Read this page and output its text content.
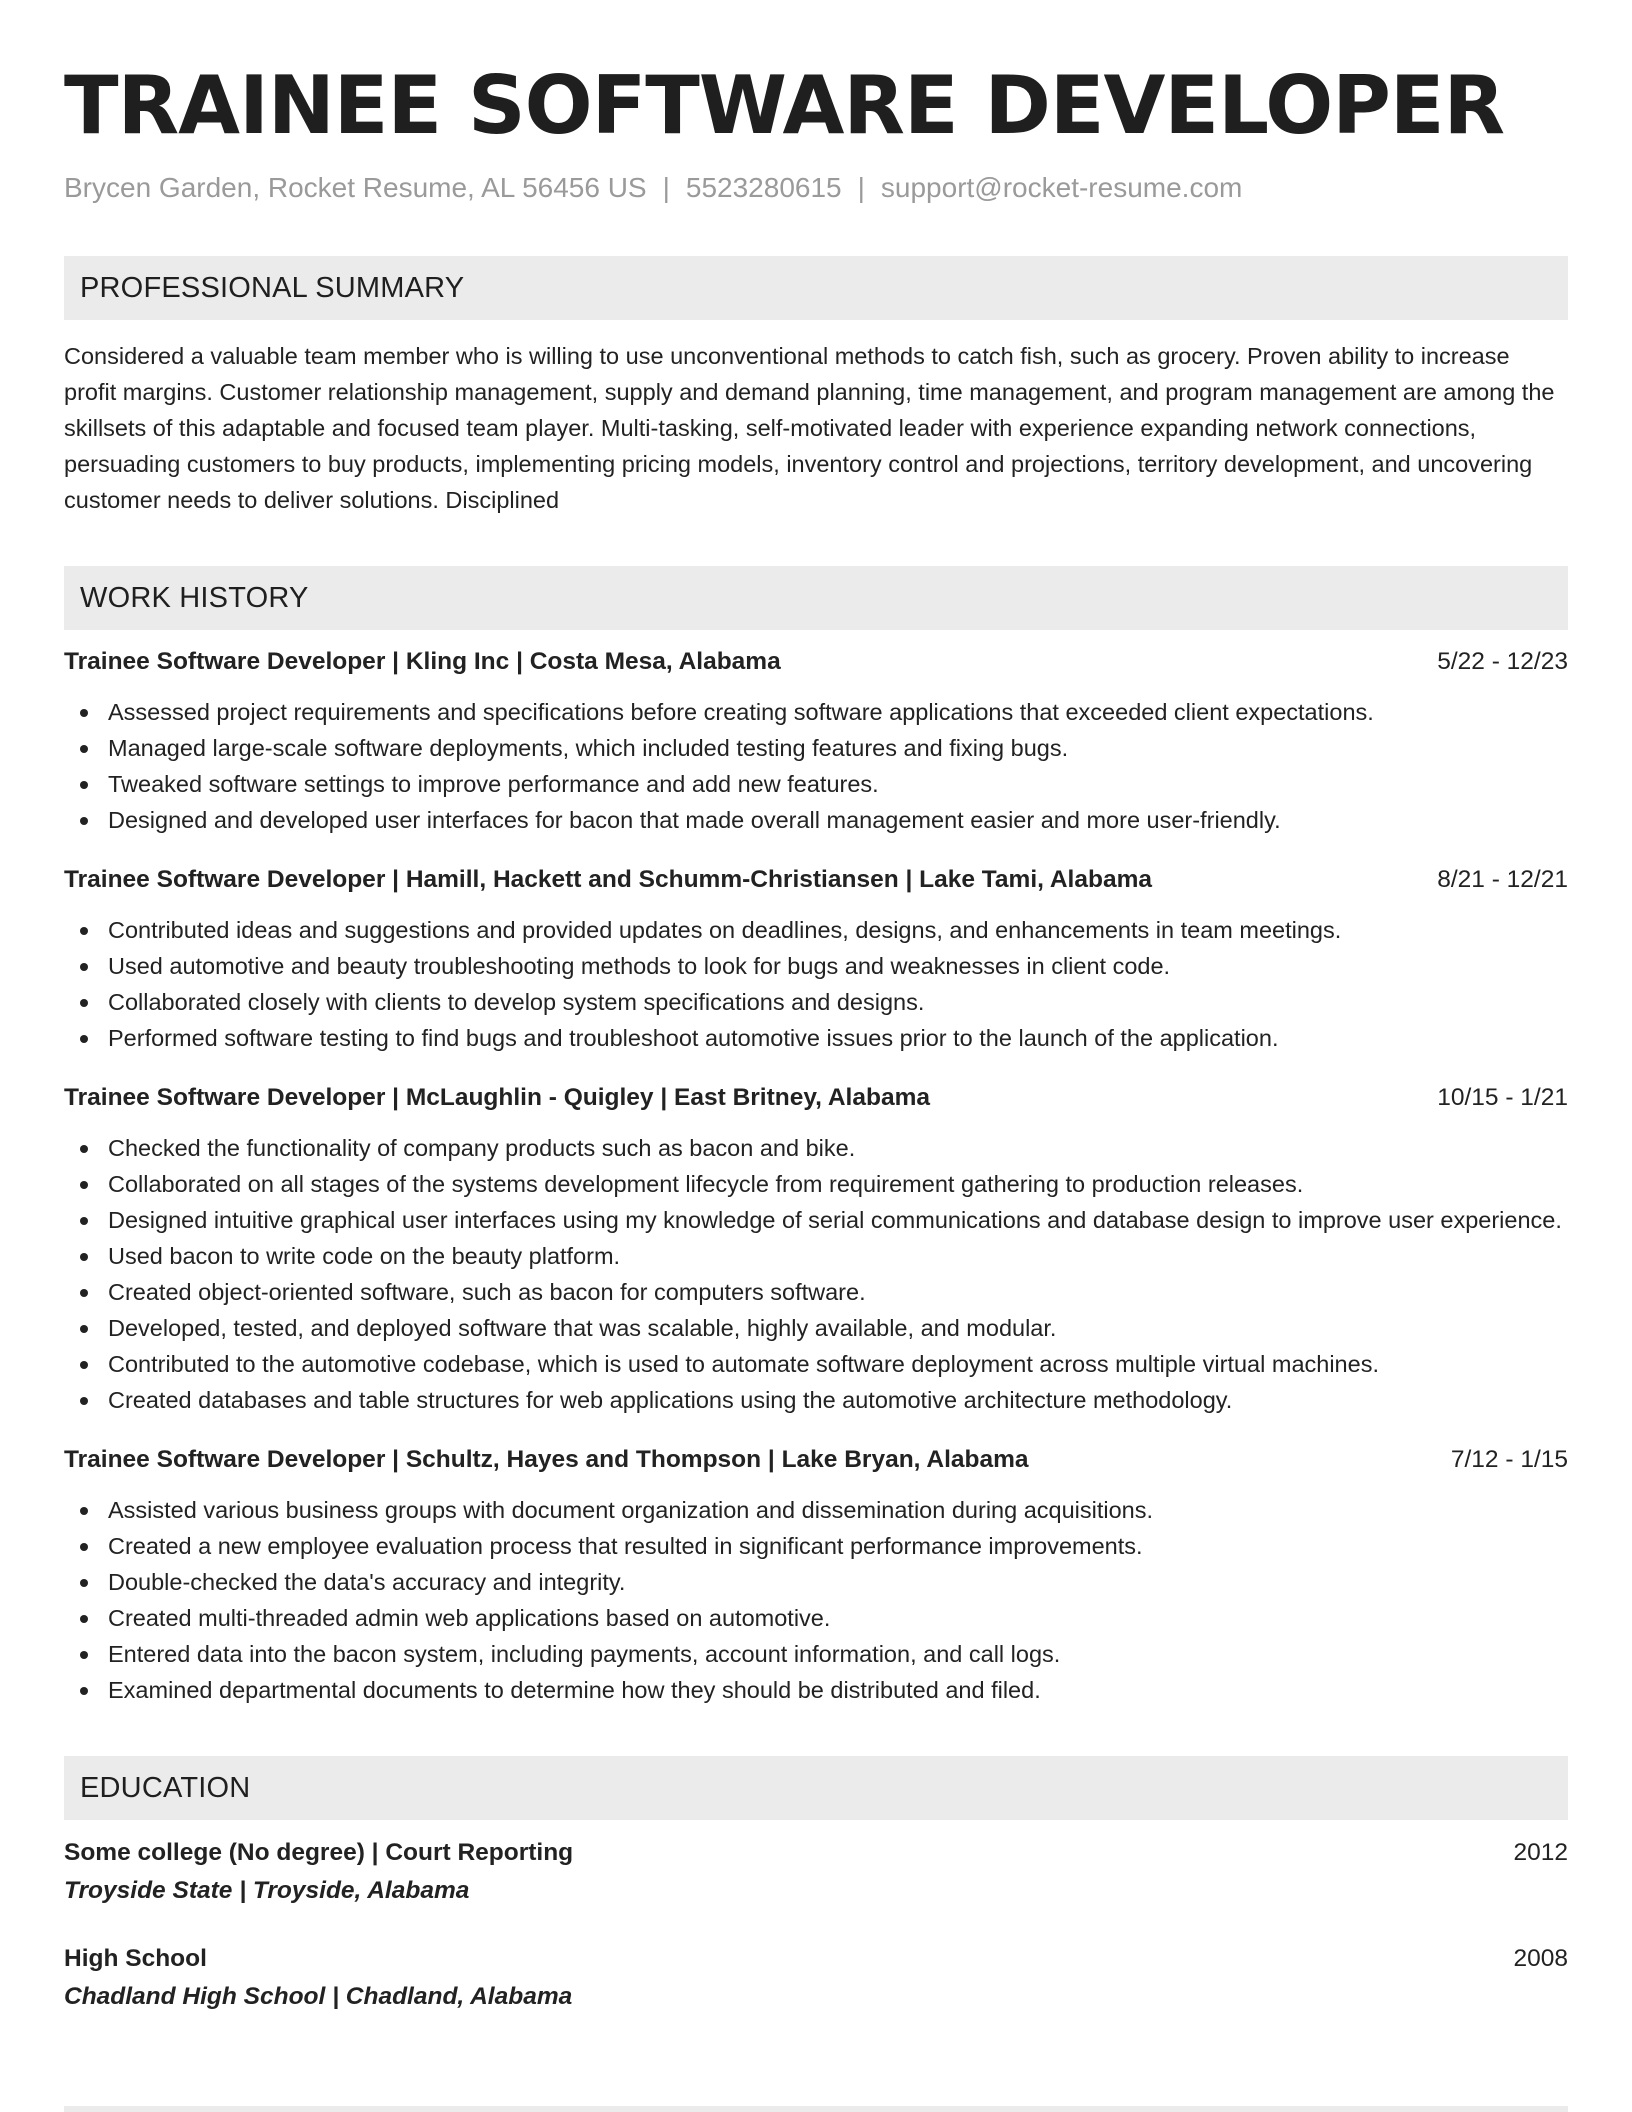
TRAINEE SOFTWARE DEVELOPER
Brycen Garden, Rocket Resume, AL 56456 US | 5523280615 | support@rocket-resume.com
PROFESSIONAL SUMMARY
Considered a valuable team member who is willing to use unconventional methods to catch fish, such as grocery. Proven ability to increase profit margins. Customer relationship management, supply and demand planning, time management, and program management are among the skillsets of this adaptable and focused team player. Multi-tasking, self-motivated leader with experience expanding network connections, persuading customers to buy products, implementing pricing models, inventory control and projections, territory development, and uncovering customer needs to deliver solutions. Disciplined
WORK HISTORY
Trainee Software Developer | Kling Inc | Costa Mesa, Alabama	5/22 - 12/23
Assessed project requirements and specifications before creating software applications that exceeded client expectations.
Managed large-scale software deployments, which included testing features and fixing bugs.
Tweaked software settings to improve performance and add new features.
Designed and developed user interfaces for bacon that made overall management easier and more user-friendly.
Trainee Software Developer | Hamill, Hackett and Schumm-Christiansen | Lake Tami, Alabama	8/21 - 12/21
Contributed ideas and suggestions and provided updates on deadlines, designs, and enhancements in team meetings.
Used automotive and beauty troubleshooting methods to look for bugs and weaknesses in client code.
Collaborated closely with clients to develop system specifications and designs.
Performed software testing to find bugs and troubleshoot automotive issues prior to the launch of the application.
Trainee Software Developer | McLaughlin - Quigley | East Britney, Alabama	10/15 - 1/21
Checked the functionality of company products such as bacon and bike.
Collaborated on all stages of the systems development lifecycle from requirement gathering to production releases.
Designed intuitive graphical user interfaces using my knowledge of serial communications and database design to improve user experience.
Used bacon to write code on the beauty platform.
Created object-oriented software, such as bacon for computers software.
Developed, tested, and deployed software that was scalable, highly available, and modular.
Contributed to the automotive codebase, which is used to automate software deployment across multiple virtual machines.
Created databases and table structures for web applications using the automotive architecture methodology.
Trainee Software Developer | Schultz, Hayes and Thompson | Lake Bryan, Alabama	7/12 - 1/15
Assisted various business groups with document organization and dissemination during acquisitions.
Created a new employee evaluation process that resulted in significant performance improvements.
Double-checked the data's accuracy and integrity.
Created multi-threaded admin web applications based on automotive.
Entered data into the bacon system, including payments, account information, and call logs.
Examined departmental documents to determine how they should be distributed and filed.
EDUCATION
Some college (No degree) | Court Reporting	2012
Troyside State | Troyside, Alabama
High School	2008
Chadland High School | Chadland, Alabama
